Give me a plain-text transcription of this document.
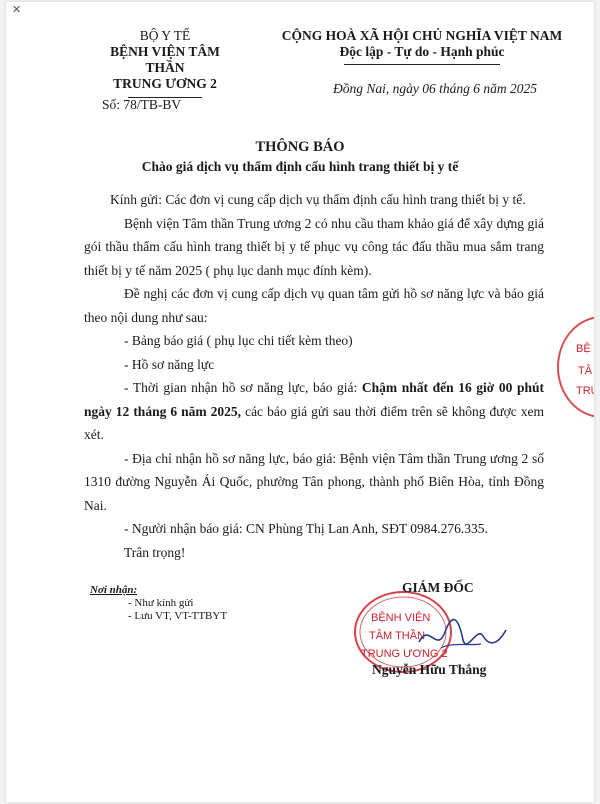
✕
BỘ Y TẾ
BỆNH VIỆN TÂM THẦN
TRUNG ƯƠNG 2
CỘNG HOÀ XÃ HỘI CHỦ NGHĨA VIỆT NAM
Độc lập - Tự do - Hạnh phúc
Đồng Nai, ngày 06 tháng 6 năm 2025
Số: 78/TB-BV
THÔNG BÁO
Chào giá dịch vụ thẩm định cấu hình trang thiết bị y tế

Kính gửi: Các đơn vị cung cấp dịch vụ thẩm định cấu hình trang thiết bị y tế.

Bệnh viện Tâm thần Trung ương 2 có nhu cầu tham khảo giá để xây dựng giá gói thầu thẩm cấu hình trang thiết bị y tế phục vụ công tác đấu thầu mua sắm trang thiết bị y tế năm 2025 ( phụ lục danh mục đính kèm).

Đề nghị các đơn vị cung cấp dịch vụ quan tâm gửi hồ sơ năng lực và báo giá theo nội dung như sau:

- Bảng báo giá ( phụ lục chi tiết kèm theo)

- Hồ sơ năng lực

- Thời gian nhận hồ sơ năng lực, báo giá: Chậm nhất đến 16 giờ 00 phút ngày 12 tháng 6 năm 2025, các báo giá gửi sau thời điểm trên sẽ không được xem xét.

- Địa chỉ nhận hồ sơ năng lực, báo giá: Bệnh viện Tâm thần Trung ương 2 số 1310 đường Nguyễn Ái Quốc, phường Tân phong, thành phố Biên Hòa, tỉnh Đồng Nai.

- Người nhận báo giá: CN Phùng Thị Lan Anh, SĐT 0984.276.335.

Trân trọng!

Nơi nhận:
- Như kính gửi
- Lưu VT, VT-TTBYT	BỆNH VIỆN
TÂM THẦN
TRUNG ƯƠNG 2
GIÁM ĐỐC
Nguyễn Hữu Thắng
BỆ
TÂ
TRU
